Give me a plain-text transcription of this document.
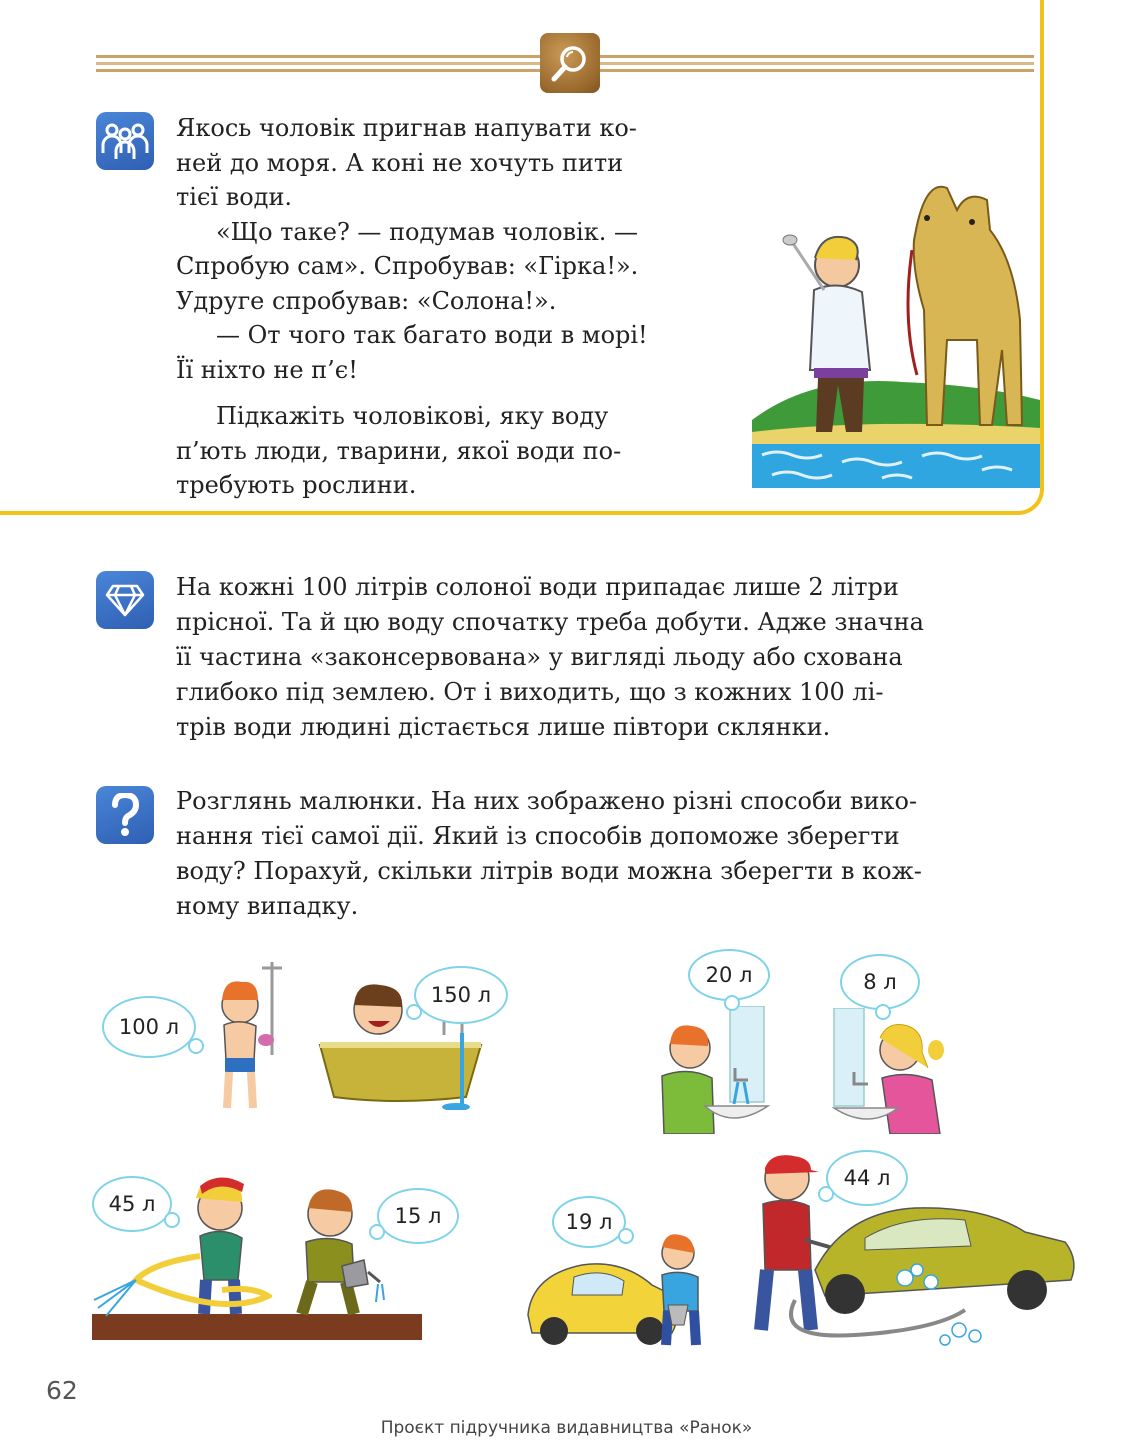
Якось чоловік пригнав напувати ко-

ней до моря. А коні не хочуть пити

тієї води.

«Що таке? — подумав чоловік. —

Спробую сам». Спробував: «Гірка!».

Удруге спробував: «Солона!».

— От чого так багато води в морі!

Її ніхто не п’є!

Підкажіть чоловікові, яку воду

п’ють люди, тварини, якої води по-

требують рослини.

На кожні 100 літрів солоної води припадає лише 2 літри

прісної. Та й цю воду спочатку треба добути. Адже значна

її частина «законсервована» у вигляді льоду або схована

глибоко під землею. От і виходить, що з кожних 100 лі-

трів води людині дістається лише півтори склянки.

Розглянь малюнки. На них зображено різні способи вико-

нання тієї самої дії. Який із способів допоможе зберегти

воду? Порахуй, скільки літрів води можна зберегти в кож-

ному випадку.

100 л
150 л
20 л	8 л
45 л	15 л	19 л
44 л
62
Проєкт підручника видавництва «Ранок»
